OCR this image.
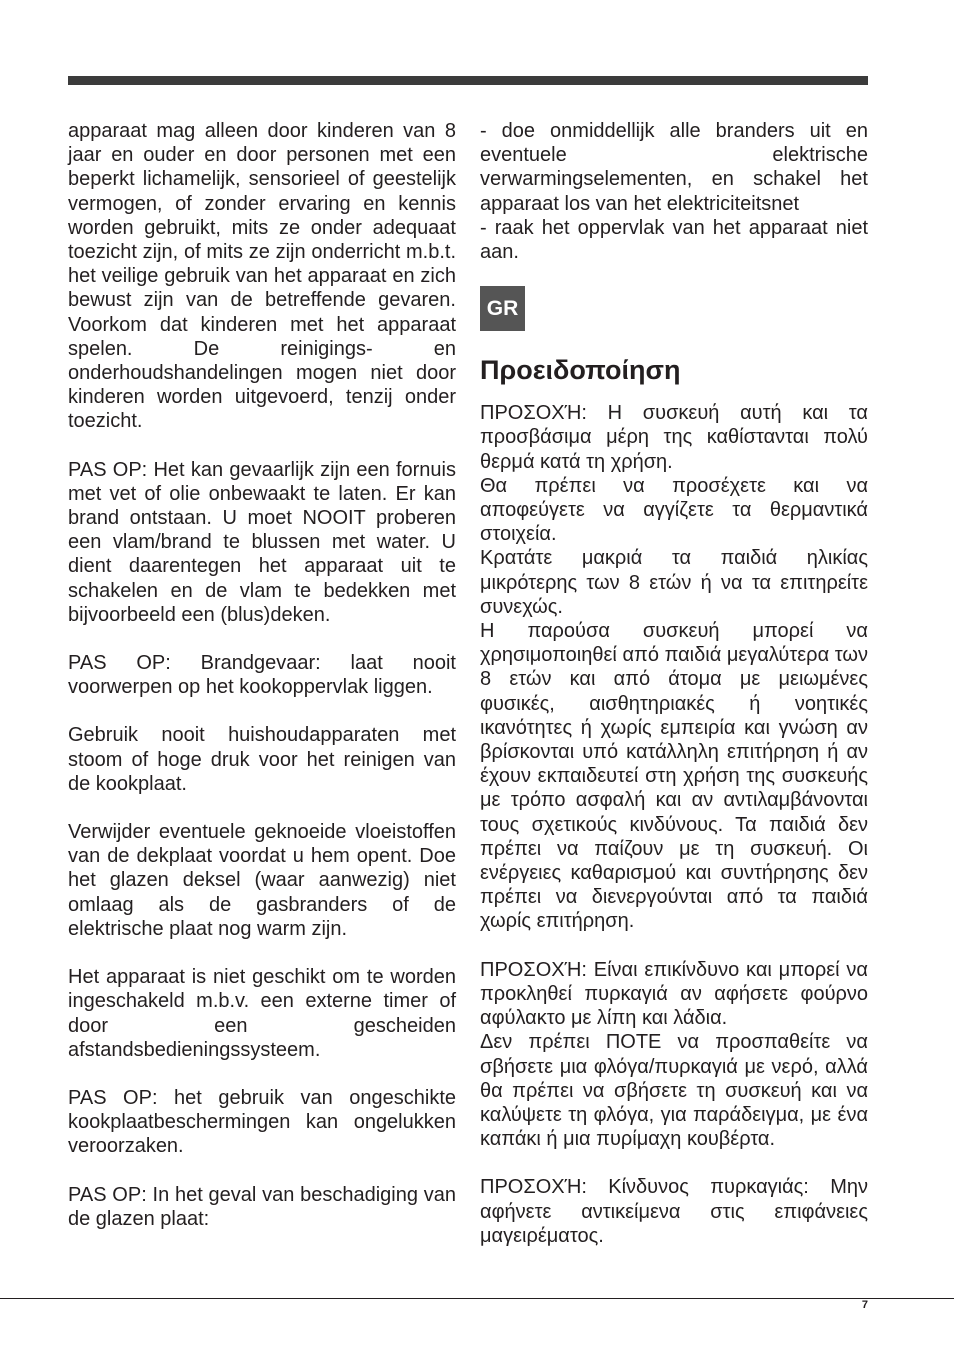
apparaat mag alleen door kinderen van 8 jaar en ouder en door personen met een beperkt lichamelijk, sensorieel of geestelijk vermogen, of zonder ervaring en kennis worden gebruikt, mits ze onder adequaat toezicht zijn, of mits ze zijn onderricht m.b.t. het veilige gebruik van het apparaat en zich bewust zijn van de betreffende gevaren. Voorkom dat kinderen met het apparaat spelen. De reinigings- en onderhoudshandelingen mogen niet door kinderen worden uitgevoerd, tenzij onder toezicht.

PAS OP: Het kan gevaarlijk zijn een fornuis met vet of olie onbewaakt te laten. Er kan brand ontstaan. U moet NOOIT proberen een vlam/brand te blussen met water. U dient daarentegen het apparaat uit te schakelen en de vlam te bedekken met bijvoorbeeld een (blus)deken.

PAS OP: Brandgevaar: laat nooit voorwerpen op het kookoppervlak liggen.

Gebruik nooit huishoudapparaten met stoom of hoge druk voor het reinigen van de kookplaat.

Verwijder eventuele geknoeide vloeistoffen van de dekplaat voordat u hem opent. Doe het glazen deksel (waar aanwezig) niet omlaag als de gasbranders of de elektrische plaat nog warm zijn.

Het apparaat is niet geschikt om te worden ingeschakeld m.b.v. een externe timer of door een gescheiden afstandsbedieningssysteem.

PAS OP: het gebruik van ongeschikte kookplaatbeschermingen kan ongelukken veroorzaken.

PAS OP: In het geval van beschadiging van de glazen plaat:

- doe onmiddellijk alle branders uit en eventuele elektrische verwarmingselementen, en schakel het apparaat los van het elektriciteitsnet

- raak het oppervlak van het apparaat niet aan.

GR
Προειδοποίηση

ΠΡΟΣΟΧΉ: Η συσκευή αυτή και τα προσβάσιμα μέρη της καθίστανται πολύ θερμά κατά τη χρήση.

Θα πρέπει να προσέχετε και να αποφεύγετε να αγγίζετε τα θερμαντικά στοιχεία.

Κρατάτε μακριά τα παιδιά ηλικίας μικρότερης των 8 ετών ή να τα επιτηρείτε συνεχώς.

Η παρούσα συσκευή μπορεί να χρησιμοποιηθεί από παιδιά μεγαλύτερα των 8 ετών και από άτομα με μειωμένες φυσικές, αισθητηριακές ή νοητικές ικανότητες ή χωρίς εμπειρία και γνώση αν βρίσκονται υπό κατάλληλη επιτήρηση ή αν έχουν εκπαιδευτεί στη χρήση της συσκευής με τρόπο ασφαλή και αν αντιλαμβάνονται τους σχετικούς κινδύνους. Τα παιδιά δεν πρέπει να παίζουν με τη συσκευή. Οι ενέργειες καθαρισμού και συντήρησης δεν πρέπει να διενεργούνται από τα παιδιά χωρίς επιτήρηση.

ΠΡΟΣΟΧΉ: Είναι επικίνδυνο και μπορεί να προκληθεί πυρκαγιά αν αφήσετε φούρνο αφύλακτο με λίπη και λάδια.

Δεν πρέπει ΠΟΤΕ να προσπαθείτε να σβήσετε μια φλόγα/πυρκαγιά με νερό, αλλά θα πρέπει να σβήσετε τη συσκευή και να καλύψετε τη φλόγα, για παράδειγμα, με ένα καπάκι ή μια πυρίμαχη κουβέρτα.

ΠΡΟΣΟΧΉ: Κίνδυνος πυρκαγιάς: Μην αφήνετε αντικείμενα στις επιφάνειες μαγειρέματος.

7
